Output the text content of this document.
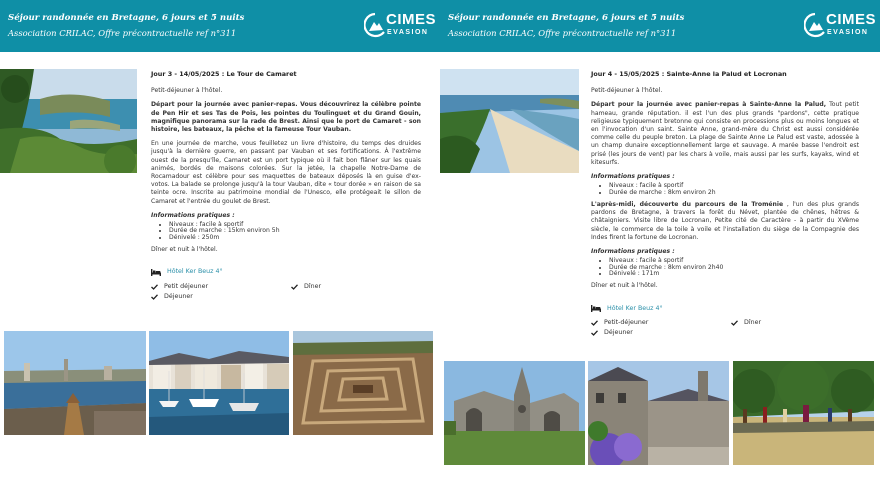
Séjour randonnée en Bretagne, 6 jours et 5 nuits
Association CRILAC, Offre précontractuelle ref n°311
CIMES
EVASION
Jour 3 - 14/05/2025 : Le Tour de Camaret

Petit-déjeuner à l'hôtel.

Départ pour la journée avec panier-repas. Vous découvrirez la célèbre pointe de Pen Hir et ses Tas de Pois, les pointes du Toulinguet et du Grand Gouin, magnifique panorama sur la rade de Brest. Ainsi que le port de Camaret - son histoire, les bateaux, la pêche et la fameuse Tour Vauban.

En une journée de marche, vous feuilletez un livre d'histoire, du temps des druides jusqu'à la dernière guerre, en passant par Vauban et ses fortifications. À l'extrême ouest de la presqu'île, Camaret est un port typique où il fait bon flâner sur les quais animés, bordés de maisons colorées. Sur la jetée, la chapelle Notre-Dame de Rocamadour est célèbre pour ses maquettes de bateaux déposés là en guise d'ex-votos. La balade se prolonge jusqu'à la tour Vauban, dite « tour dorée » en raison de sa teinte ocre. Inscrite au patrimoine mondial de l'Unesco, elle protégeait le sillon de Camaret et l'entrée du goulet de Brest.

Informations pratiques :
• Niveaux : facile à sportif
• Durée de marche : 15km environ 5h
• Dénivelé : 250m

Dîner et nuit à l'hôtel.

Hôtel Ker Beuz 4°
Petit déjeuner	Dîner
Déjeuner
Séjour randonnée en Bretagne, 6 jours et 5 nuits
Association CRILAC, Offre précontractuelle ref n°311
CIMES
EVASION
Jour 4 - 15/05/2025 : Sainte-Anne la Palud et Locronan

Petit-déjeuner à l'hôtel.

Départ pour la journée avec panier-repas à Sainte-Anne la Palud, Tout petit hameau, grande réputation. il est l'un des plus grands "pardons", cette pratique religieuse typiquement bretonne qui consiste en processions plus ou moins longues et en l'invocation d'un saint. Sainte Anne, grand-mère du Christ est aussi considérée comme celle du peuple breton. La plage de Sainte Anne Le Palud est vaste, adossée à un champ dunaire exceptionnellement large et sauvage. A marée basse l'endroit est prisé (les jours de vent) par les chars à voile, mais aussi par les surfs, kayaks, wind et kitesurfs.

Informations pratiques :
• Niveaux : facile à sportif
• Durée de marche : 8km environ 2h

L'après-midi, découverte du parcours de la Troménie , l'un des plus grands pardons de Bretagne, à travers la forêt du Névet, plantée de chênes, hêtres & châtaigniers. Visite libre de Locronan, Petite cité de Caractère - à partir du XVème siècle, le commerce de la toile à voile et l'installation du siège de la Compagnie des Indes firent la fortune de Locronan.

Informations pratiques :
• Niveaux : facile à sportif
• Durée de marche : 8km environ 2h40
• Dénivelé : 171m

Dîner et nuit à l'hôtel.

Hôtel Ker Beuz 4°
Petit-déjeuner	Dîner
Déjeuner
